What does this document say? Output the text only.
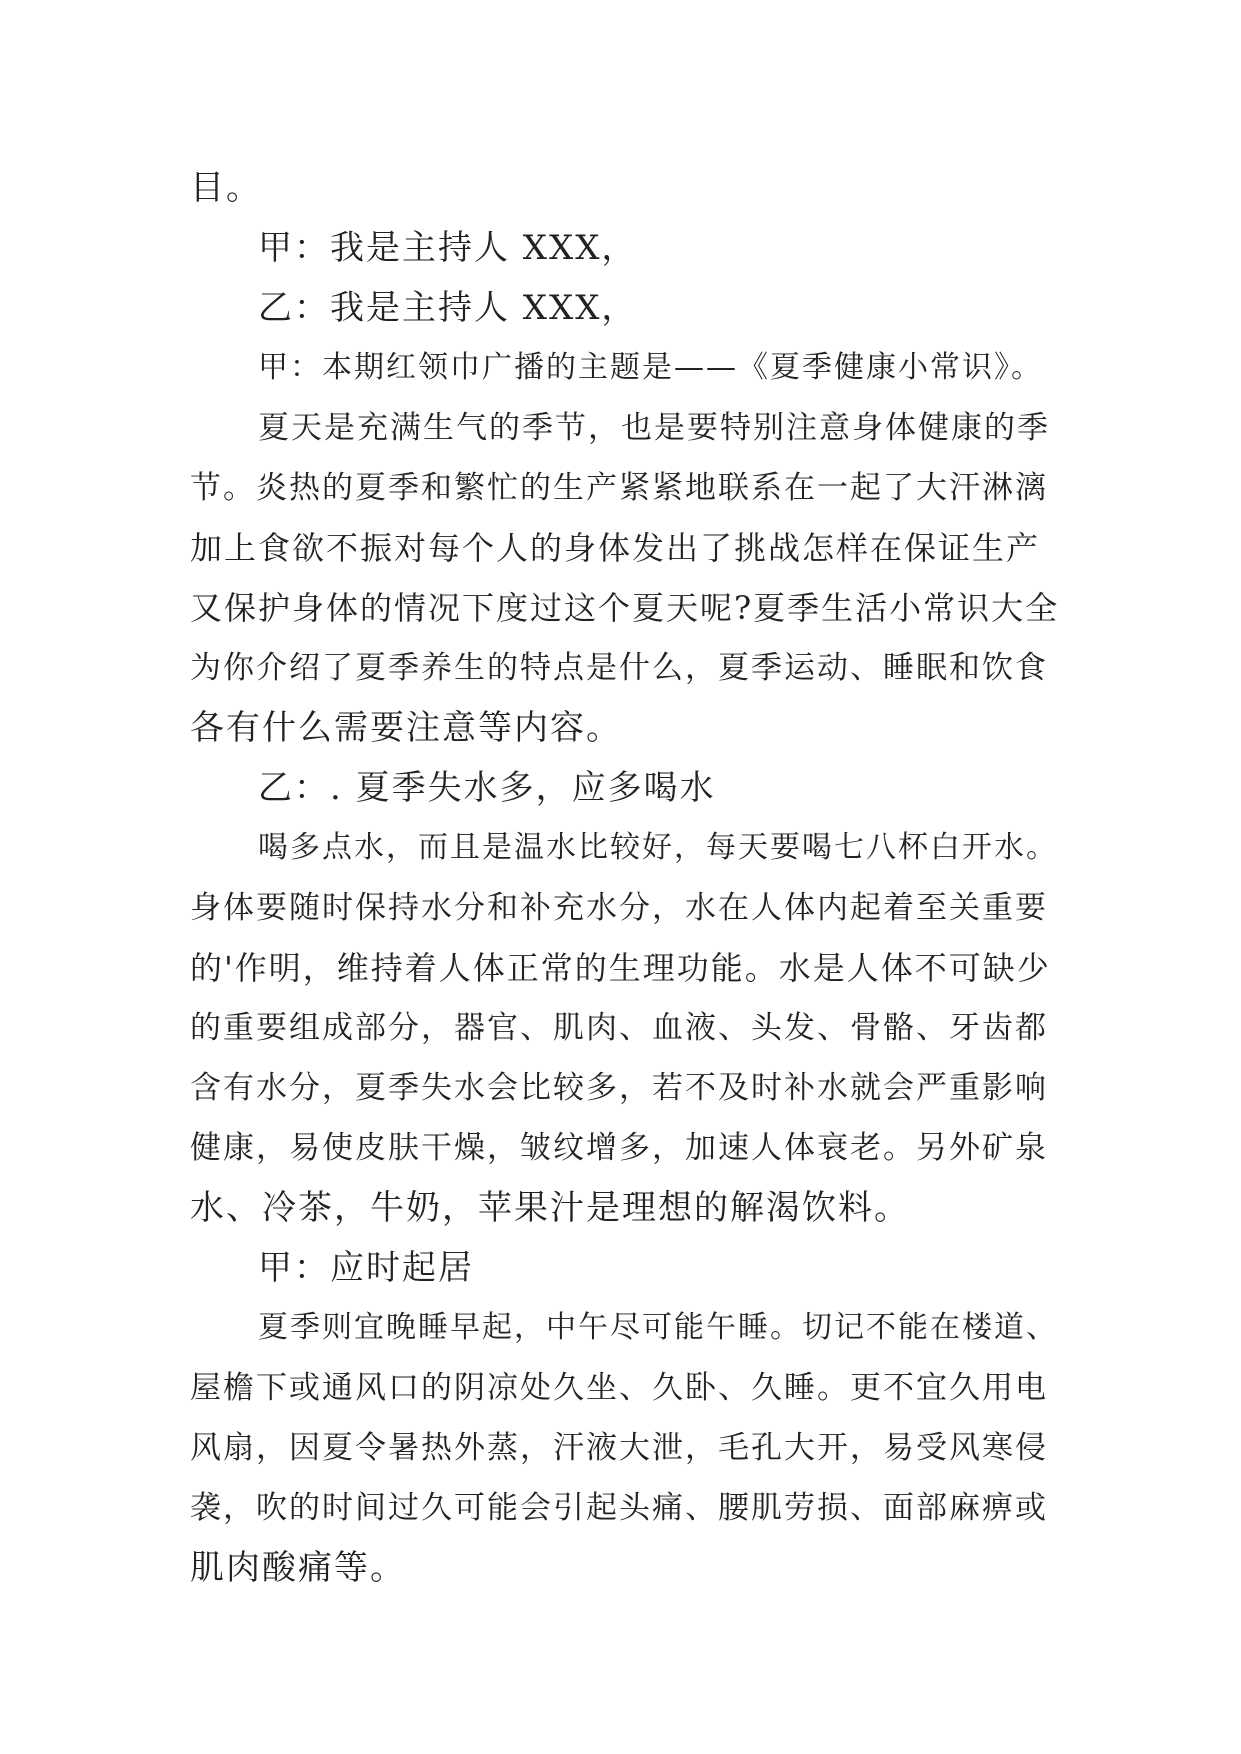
目。

甲：我是主持人 XXX，

乙：我是主持人 XXX，

甲：本期红领巾广播的主题是——《夏季健康小常识》。

夏天是充满生气的季节，也是要特别注意身体健康的季

节。炎热的夏季和繁忙的生产紧紧地联系在一起了大汗淋漓

加上食欲不振对每个人的身体发出了挑战怎样在保证生产

又保护身体的情况下度过这个夏天呢?夏季生活小常识大全

为你介绍了夏季养生的特点是什么，夏季运动、睡眠和饮食

各有什么需要注意等内容。

乙：. 夏季失水多，应多喝水

喝多点水，而且是温水比较好，每天要喝七八杯白开水。

身体要随时保持水分和补充水分，水在人体内起着至关重要

的'作明，维持着人体正常的生理功能。水是人体不可缺少

的重要组成部分，器官、肌肉、血液、头发、骨骼、牙齿都

含有水分，夏季失水会比较多，若不及时补水就会严重影响

健康，易使皮肤干燥，皱纹增多，加速人体衰老。另外矿泉

水、冷茶，牛奶，苹果汁是理想的解渴饮料。

甲：应时起居

夏季则宜晚睡早起，中午尽可能午睡。切记不能在楼道、

屋檐下或通风口的阴凉处久坐、久卧、久睡。更不宜久用电

风扇，因夏令暑热外蒸，汗液大泄，毛孔大开，易受风寒侵

袭，吹的时间过久可能会引起头痛、腰肌劳损、面部麻痹或

肌肉酸痛等。
